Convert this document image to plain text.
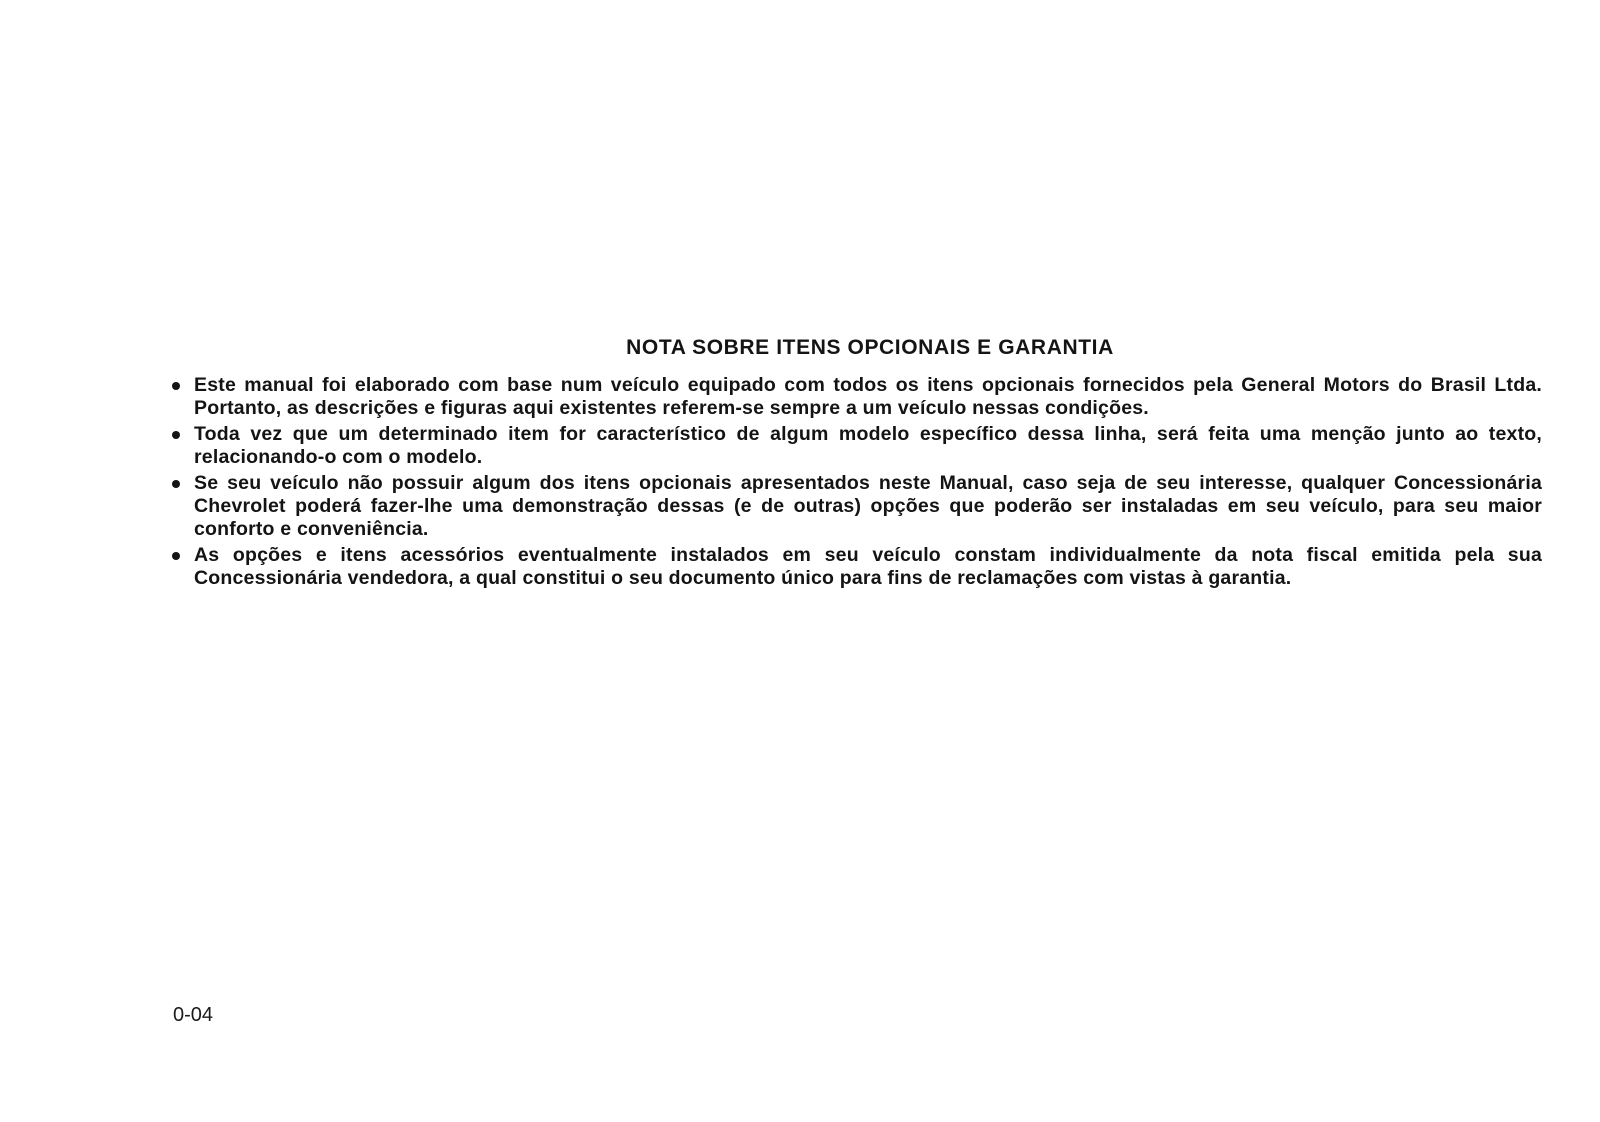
NOTA SOBRE ITENS OPCIONAIS E GARANTIA
Este manual foi elaborado com base num veículo equipado com todos os itens opcionais fornecidos pela General Motors do Brasil Ltda. Portanto, as descrições e figuras aqui existentes referem-se sempre a um veículo nessas condições.
Toda vez que um determinado item for característico de algum modelo específico dessa linha, será feita uma menção junto ao texto, relacionando-o com o modelo.
Se seu veículo não possuir algum dos itens opcionais apresentados neste Manual, caso seja de seu interesse, qualquer Concessionária Chevrolet poderá fazer-lhe uma demonstração dessas (e de outras) opções que poderão ser instaladas em seu veículo, para seu maior conforto e conveniência.
As opções e itens acessórios eventualmente instalados em seu veículo constam individualmente da nota fiscal emitida pela sua Concessionária vendedora, a qual constitui o seu documento único para fins de reclamações com vistas à garantia.
0-04
